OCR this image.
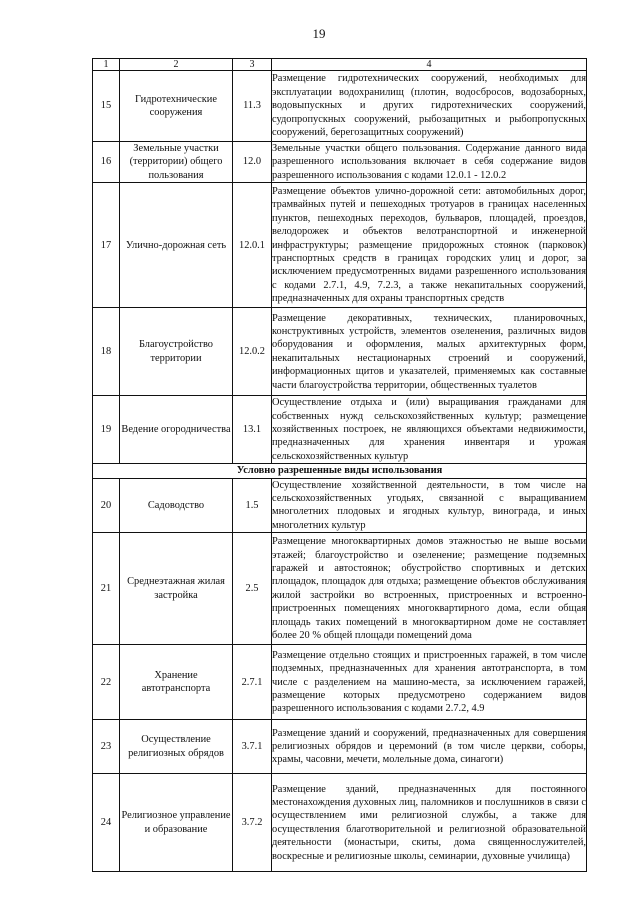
19
1	2	3	4
15	Гидротехнические сооружения	11.3	Размещение гидротехнических сооружений, необходимых для эксплуатации водохранилищ (плотин, водосбросов, водозаборных, водовыпускных и других гидротехнических сооружений, судопропускных сооружений, рыбозащитных и рыбопропускных сооружений, берегозащитных сооружений)
16	Земельные участки (территории) общего пользования	12.0	Земельные участки общего пользования. Содержание данного вида разрешенного использования включает в себя содержание видов разрешенного использования с кодами 12.0.1 - 12.0.2
17	Улично-дорожная сеть	12.0.1	Размещение объектов улично-дорожной сети: автомобильных дорог, трамвайных путей и пешеходных тротуаров в границах населенных пунктов, пешеходных переходов, бульваров, площадей, проездов, велодорожек и объектов велотранспортной и инженерной инфраструктуры; размещение придорожных стоянок (парковок) транспортных средств в границах городских улиц и дорог, за исключением предусмотренных видами разрешенного использования с кодами 2.7.1, 4.9, 7.2.3, а также некапитальных сооружений, предназначенных для охраны транспортных средств
18	Благоустройство территории	12.0.2	Размещение декоративных, технических, планировочных, конструктивных устройств, элементов озеленения, различных видов оборудования и оформления, малых архитектурных форм, некапитальных нестационарных строений и сооружений, информационных щитов и указателей, применяемых как составные части благоустройства территории, общественных туалетов
19	Ведение огородничества	13.1	Осуществление отдыха и (или) выращивания гражданами для собственных нужд сельскохозяйственных культур; размещение хозяйственных построек, не являющихся объектами недвижимости, предназначенных для хранения инвентаря и урожая сельскохозяйственных культур
Условно разрешенные виды использования			
20	Садоводство	1.5	Осуществление хозяйственной деятельности, в том числе на сельскохозяйственных угодьях, связанной с выращиванием многолетних плодовых и ягодных культур, винограда, и иных многолетних культур
21	Среднеэтажная жилая застройка	2.5	Размещение многоквартирных домов этажностью не выше восьми этажей; благоустройство и озеленение; размещение подземных гаражей и автостоянок; обустройство спортивных и детских площадок, площадок для отдыха; размещение объектов обслуживания жилой застройки во встроенных, пристроенных и встроенно-пристроенных помещениях многоквартирного дома, если общая площадь таких помещений в многоквартирном доме не составляет более 20 % общей площади помещений дома
22	Хранение автотранспорта	2.7.1	Размещение отдельно стоящих и пристроенных гаражей, в том числе подземных, предназначенных для хранения автотранспорта, в том числе с разделением на машино-места, за исключением гаражей, размещение которых предусмотрено содержанием видов разрешенного использования с кодами 2.7.2, 4.9
23	Осуществление религиозных обрядов	3.7.1	Размещение зданий и сооружений, предназначенных для совершения религиозных обрядов и церемоний (в том числе церкви, соборы, храмы, часовни, мечети, молельные дома, синагоги)
24	Религиозное управление и образование	3.7.2	Размещение зданий, предназначенных для постоянного местонахождения духовных лиц, паломников и послушников в связи с осуществлением ими религиозной службы, а также для осуществления благотворительной и религиозной образовательной деятельности (монастыри, скиты, дома священнослужителей, воскресные и религиозные школы, семинарии, духовные училища)
